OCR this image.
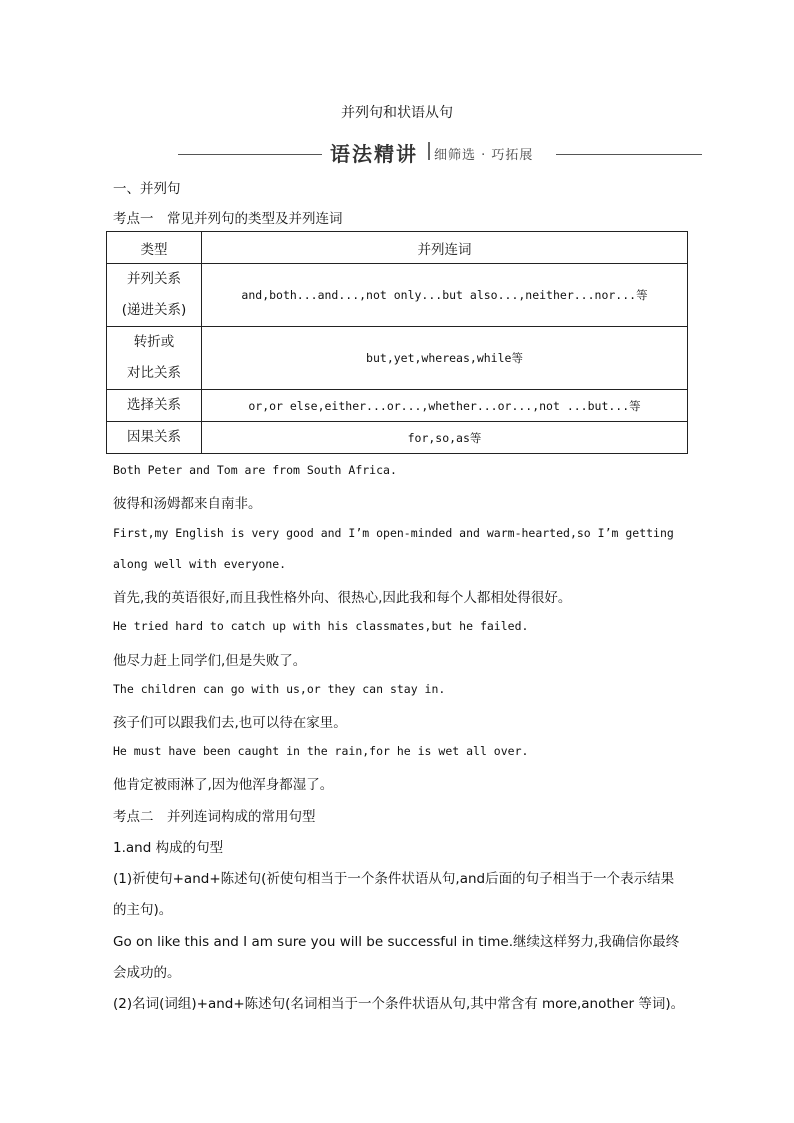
并列句和状语从句
语法精讲 细筛选 · 巧拓展
一、并列句
考点一　常见并列句的类型及并列连词
类型	并列连词

并列关系
(递进关系)	and,both...and...,not only...but also...,neither...nor...等

转折或
对比关系	but,yet,whereas,while等
选择关系	or,or else,either...or...,whether...or...,not ...but...等
因果关系	for,so,as等
Both Peter and Tom are from South Africa.
彼得和汤姆都来自南非。
First,my English is very good and I’m open-minded and warm-hearted,so I’m getting
along well with everyone.
首先,我的英语很好,而且我性格外向、很热心,因此我和每个人都相处得很好。
He tried hard to catch up with his classmates,but he failed.
他尽力赶上同学们,但是失败了。
The children can go with us,or they can stay in.
孩子们可以跟我们去,也可以待在家里。
He must have been caught in the rain,for he is wet all over.
他肯定被雨淋了,因为他浑身都湿了。
考点二　并列连词构成的常用句型
1.and 构成的句型
(1)祈使句+and+陈述句(祈使句相当于一个条件状语从句,and后面的句子相当于一个表示结果
的主句)。
Go on like this and I am sure you will be successful in time.继续这样努力,我确信你最终
会成功的。
(2)名词(词组)+and+陈述句(名词相当于一个条件状语从句,其中常含有 more,another 等词)。
